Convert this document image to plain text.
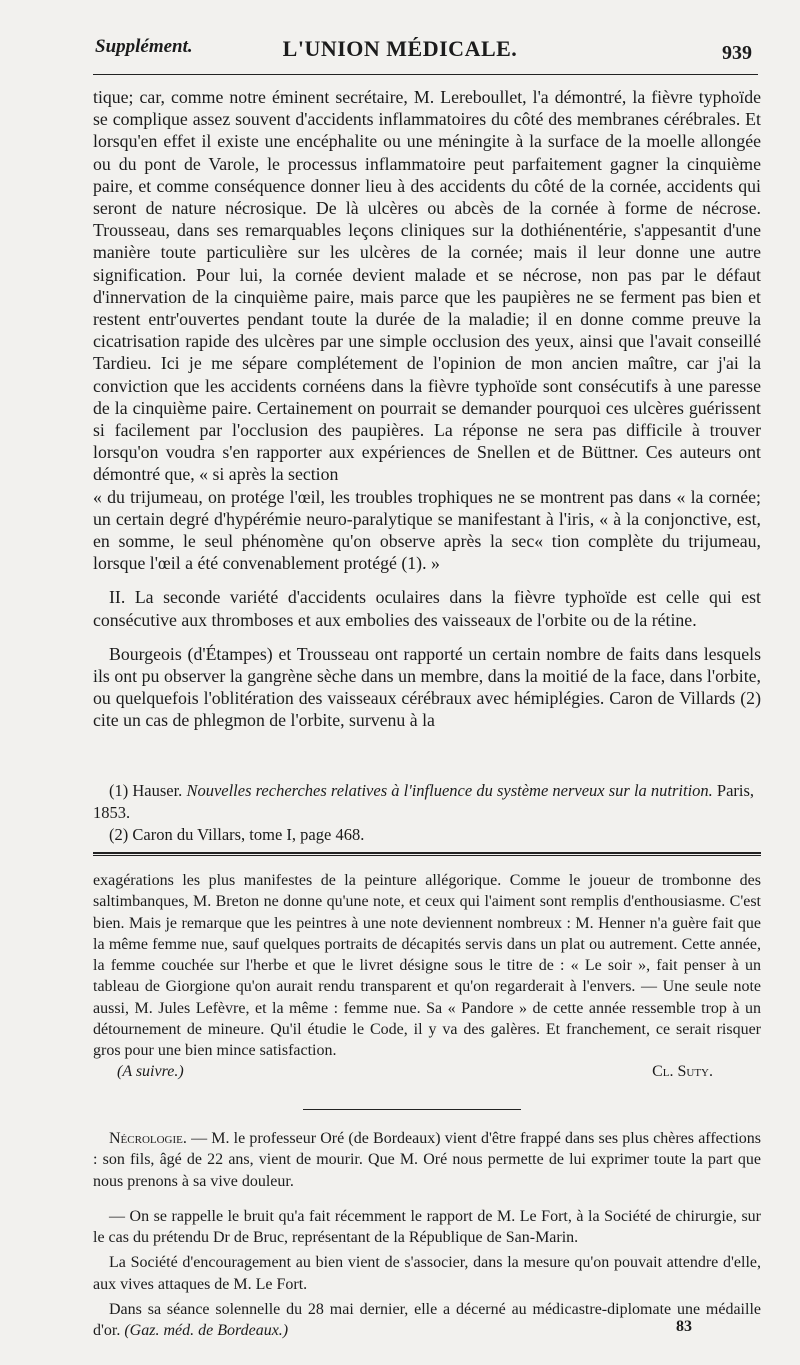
Supplément.	L'UNION MÉDICALE.	939

tique; car, comme notre éminent secrétaire, M. Lereboullet, l'a démontré, la fièvre typhoïde se complique assez souvent d'accidents inflammatoires du côté des membranes cérébrales. Et lorsqu'en effet il existe une encéphalite ou une méningite à la surface de la moelle allongée ou du pont de Varole, le processus inflammatoire peut parfaitement gagner la cinquième paire, et comme conséquence donner lieu à des accidents du côté de la cornée, accidents qui seront de nature nécrosique. De là ulcères ou abcès de la cornée à forme de nécrose. Trousseau, dans ses remarquables leçons cliniques sur la dothiénentérie, s'appesantit d'une manière toute particulière sur les ulcères de la cornée; mais il leur donne une autre signification. Pour lui, la cornée devient malade et se nécrose, non pas par le défaut d'innervation de la cinquième paire, mais parce que les paupières ne se ferment pas bien et restent entr'ouvertes pendant toute la durée de la maladie; il en donne comme preuve la cicatrisation rapide des ulcères par une simple occlusion des yeux, ainsi que l'avait conseillé Tardieu. Ici je me sépare complétement de l'opinion de mon ancien maître, car j'ai la conviction que les accidents cornéens dans la fièvre typhoïde sont consécutifs à une paresse de la cinquième paire. Certainement on pourrait se demander pourquoi ces ulcères guérissent si facilement par l'occlusion des paupières. La réponse ne sera pas difficile à trouver lorsqu'on voudra s'en rapporter aux expériences de Snellen et de Büttner. Ces auteurs ont démontré que, « si après la section

« du trijumeau, on protége l'œil, les troubles trophiques ne se montrent pas dans « la cornée; un certain degré d'hypérémie neuro-paralytique se manifestant à l'iris, « à la conjonctive, est, en somme, le seul phénomène qu'on observe après la sec« tion complète du trijumeau, lorsque l'œil a été convenablement protégé (1). »

II. La seconde variété d'accidents oculaires dans la fièvre typhoïde est celle qui est consécutive aux thromboses et aux embolies des vaisseaux de l'orbite ou de la rétine.

Bourgeois (d'Étampes) et Trousseau ont rapporté un certain nombre de faits dans lesquels ils ont pu observer la gangrène sèche dans un membre, dans la moitié de la face, dans l'orbite, ou quelquefois l'oblitération des vaisseaux cérébraux avec hémiplégies. Caron de Villards (2) cite un cas de phlegmon de l'orbite, survenu à la

(1) Hauser. Nouvelles recherches relatives à l'influence du système nerveux sur la nutrition. Paris, 1853.

(2) Caron du Villars, tome I, page 468.

exagérations les plus manifestes de la peinture allégorique. Comme le joueur de trombonne des saltimbanques, M. Breton ne donne qu'une note, et ceux qui l'aiment sont remplis d'enthousiasme. C'est bien. Mais je remarque que les peintres à une note deviennent nombreux : M. Henner n'a guère fait que la même femme nue, sauf quelques portraits de décapités servis dans un plat ou autrement. Cette année, la femme couchée sur l'herbe et que le livret désigne sous le titre de : « Le soir », fait penser à un tableau de Giorgione qu'on aurait rendu transparent et qu'on regarderait à l'envers. — Une seule note aussi, M. Jules Lefèvre, et la même : femme nue. Sa « Pandore » de cette année ressemble trop à un détournement de mineure. Qu'il étudie le Code, il y va des galères. Et franchement, ce serait risquer gros pour une bien mince satisfaction.

(A suivre.)	Cl. Suty.

Nécrologie. — M. le professeur Oré (de Bordeaux) vient d'être frappé dans ses plus chères affections : son fils, âgé de 22 ans, vient de mourir. Que M. Oré nous permette de lui exprimer toute la part que nous prenons à sa vive douleur.

— On se rappelle le bruit qu'a fait récemment le rapport de M. Le Fort, à la Société de chirurgie, sur le cas du prétendu Dr de Bruc, représentant de la République de San-Marin.

La Société d'encouragement au bien vient de s'associer, dans la mesure qu'on pouvait attendre d'elle, aux vives attaques de M. Le Fort.

Dans sa séance solennelle du 28 mai dernier, elle a décerné au médicastre-diplomate une médaille d'or. (Gaz. méd. de Bordeaux.)	83
